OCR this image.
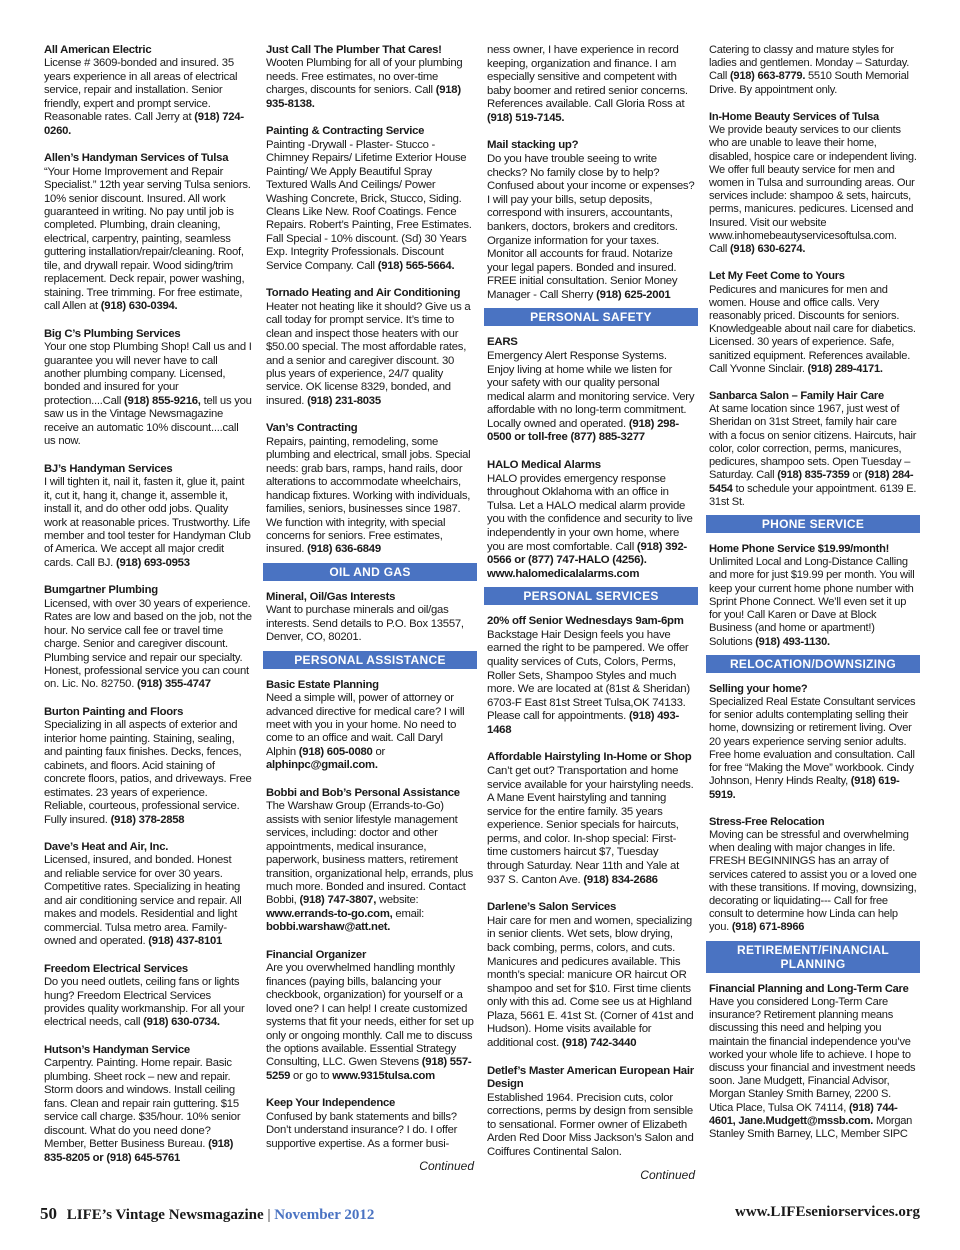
All American Electric

License # 3609-bonded and insured. 35 years experience in all areas of electrical service, repair and installation. Senior friendly, expert and prompt service. Reasonable rates. Call Jerry at (918) 724-0260.

Allen’s Handyman Services of Tulsa

“Your Home Improvement and Repair Specialist.” 12th year serving Tulsa seniors. 10% senior discount. Insured. All work guaranteed in writing. No pay until job is completed. Plumbing, drain cleaning, electrical, carpentry, painting, seamless guttering installation/repair/cleaning. Roof, tile, and drywall repair. Wood siding/trim replacement. Deck repair, power washing, staining. Tree trimming. For free estimate, call Allen at (918) 630-0394.

Big C’s Plumbing Services

Your one stop Plumbing Shop! Call us and I guarantee you will never have to call another plumbing company. Licensed, bonded and insured for your protection....Call (918) 855-9216, tell us you saw us in the Vintage Newsmagazine receive an automatic 10% discount....call us now.

BJ’s Handyman Services

I will tighten it, nail it, fasten it, glue it, paint it, cut it, hang it, change it, assemble it, install it, and do other odd jobs. Quality work at reasonable prices. Trustworthy. Life member and tool tester for Handyman Club of America. We accept all major credit cards. Call BJ. (918) 693-0953

Bumgartner Plumbing

Licensed, with over 30 years of experience. Rates are low and based on the job, not the hour. No service call fee or travel time charge. Senior and caregiver discount. Plumbing service and repair our specialty. Honest, professional service you can count on. Lic. No. 82750. (918) 355-4747

Burton Painting and Floors

Specializing in all aspects of exterior and interior home painting. Staining, sealing, and painting faux finishes. Decks, fences, cabinets, and floors. Acid staining of concrete floors, patios, and driveways. Free estimates. 23 years of experience. Reliable, courteous, professional service. Fully insured. (918) 378-2858

Dave’s Heat and Air, Inc.

Licensed, insured, and bonded. Honest and reliable service for over 30 years. Competitive rates. Specializing in heating and air conditioning service and repair. All makes and models. Residential and light commercial. Tulsa metro area. Family-owned and operated. (918) 437-8101

Freedom Electrical Services

Do you need outlets, ceiling fans or lights hung? Freedom Electrical Services provides quality workmanship. For all your electrical needs, call (918) 630-0734.

Hutson’s Handyman Service

Carpentry. Painting. Home repair. Basic plumbing. Sheet rock – new and repair. Storm doors and windows. Install ceiling fans. Clean and repair rain guttering. $15 service call charge. $35/hour. 10% senior discount. What do you need done? Member, Better Business Bureau. (918) 835-8205 or (918) 645-5761

Just Call The Plumber That Cares!

Wooten Plumbing for all of your plumbing needs. Free estimates, no over-time charges, discounts for seniors. Call (918) 935-8138.

Painting & Contracting Service

Painting -Drywall - Plaster- Stucco - Chimney Repairs/ Lifetime Exterior House Painting/ We Apply Beautiful Spray Textured Walls And Ceilings/ Power Washing Concrete, Brick, Stucco, Siding. Cleans Like New. Roof Coatings. Fence Repairs. Robert’s Painting, Free Estimates. Fall Special - 10% discount. (Sd) 30 Years Exp. Integrity Professionals. Discount Service Company. Call (918) 565-5664.

Tornado Heating and Air Conditioning

Heater not heating like it should? Give us a call today for prompt service. It’s time to clean and inspect those heaters with our $50.00 special. The most affordable rates, and a senior and caregiver discount. 30 plus years of experience, 24/7 quality service. OK license 8329, bonded, and insured. (918) 231-8035

Van’s Contracting

Repairs, painting, remodeling, some plumbing and electrical, small jobs. Special needs: grab bars, ramps, hand rails, door alterations to accommodate wheelchairs, handicap fixtures. Working with individuals, families, seniors, businesses since 1987. We function with integrity, with special concerns for seniors. Free estimates, insured. (918) 636-6849

OIL AND GAS
Mineral, Oil/Gas Interests

Want to purchase minerals and oil/gas interests. Send details to P.O. Box 13557, Denver, CO, 80201.

PERSONAL ASSISTANCE
Basic Estate Planning

Need a simple will, power of attorney or advanced directive for medical care? I will meet with you in your home. No need to come to an office and wait. Call Daryl Alphin (918) 605-0080 or alphinpc@gmail.com.

Bobbi and Bob’s Personal Assistance

The Warshaw Group (Errands-to-Go) assists with senior lifestyle management services, including: doctor and other appointments, medical insurance, paperwork, business matters, retirement transition, organizational help, errands, plus much more. Bonded and insured. Contact Bobbi, (918) 747-3807, website: www.errands-to-go.com, email: bobbi.warshaw@att.net.

Financial Organizer

Are you overwhelmed handling monthly finances (paying bills, balancing your checkbook, organization) for yourself or a loved one? I can help! I create customized systems that fit your needs, either for set up only or ongoing monthly. Call me to discuss the options available. Essential Strategy Consulting, LLC. Gwen Stevens (918) 557-5259 or go to www.9315tulsa.com

Keep Your Independence

Confused by bank statements and bills? Don’t understand insurance? I do. I offer supportive expertise. As a former busi-

Continued

ness owner, I have experience in record keeping, organization and finance. I am especially sensitive and competent with baby boomer and retired senior concerns. References available. Call Gloria Ross at (918) 519-7145.

Mail stacking up?

Do you have trouble seeing to write checks? No family close by to help? Confused about your income or expenses? I will pay your bills, setup deposits, correspond with insurers, accountants, bankers, doctors, brokers and creditors. Organize information for your taxes. Monitor all accounts for fraud. Notarize your legal papers. Bonded and insured. FREE initial consultation. Senior Money Manager - Call Sherry (918) 625-2001

PERSONAL SAFETY
EARS

Emergency Alert Response Systems. Enjoy living at home while we listen for your safety with our quality personal medical alarm and monitoring service. Very affordable with no long-term commitment. Locally owned and operated. (918) 298-0500 or toll-free (877) 885-3277

HALO Medical Alarms

HALO provides emergency response throughout Oklahoma with an office in Tulsa. Let a HALO medical alarm provide you with the confidence and security to live independently in your own home, where you are most comfortable. Call (918) 392-0566 or (877) 747-HALO (4256). www.halomedicalalarms.com

PERSONAL SERVICES
20% off Senior Wednesdays 9am-6pm

Backstage Hair Design feels you have earned the right to be pampered. We offer quality services of Cuts, Colors, Perms, Roller Sets, Shampoo Styles and much more. We are located at (81st & Sheridan) 6703-F East 81st Street Tulsa,OK 74133. Please call for appointments. (918) 493-1468

Affordable Hairstyling In-Home or Shop

Can’t get out? Transportation and home service available for your hairstyling needs. A Mane Event hairstyling and tanning service for the entire family. 35 years experience. Senior specials for haircuts, perms, and color. In-shop special: First-time customers haircut $7, Tuesday through Saturday. Near 11th and Yale at 937 S. Canton Ave. (918) 834-2686

Darlene’s Salon Services

Hair care for men and women, specializing in senior clients. Wet sets, blow drying, back combing, perms, colors, and cuts. Manicures and pedicures available. This month’s special: manicure OR haircut OR shampoo and set for $10. First time clients only with this ad. Come see us at Highland Plaza, 5661 E. 41st St. (Corner of 41st and Hudson). Home visits available for additional cost. (918) 742-3440

Detlef’s Master American European Hair Design

Established 1964. Precision cuts, color corrections, perms by design from sensible to sensational. Former owner of Elizabeth Arden Red Door Miss Jackson’s Salon and Coiffures Continental Salon.

Continued

Catering to classy and mature styles for ladies and gentlemen. Monday – Saturday. Call (918) 663-8779. 5510 South Memorial Drive. By appointment only.

In-Home Beauty Services of Tulsa

We provide beauty services to our clients who are unable to leave their home, disabled, hospice care or independent living. We offer full beauty service for men and women in Tulsa and surrounding areas. Our services include: shampoo & sets, haircuts, perms, manicures. pedicures. Licensed and Insured. Visit our website www.inhomebeautyservicesoftulsa.com. Call (918) 630-6274.

Let My Feet Come to Yours

Pedicures and manicures for men and women. House and office calls. Very reasonably priced. Discounts for seniors. Knowledgeable about nail care for diabetics. Licensed. 30 years of experience. Safe, sanitized equipment. References available. Call Yvonne Sinclair. (918) 289-4171.

Sanbarca Salon – Family Hair Care

At same location since 1967, just west of Sheridan on 31st Street, family hair care with a focus on senior citizens. Haircuts, hair color, color correction, perms, manicures, pedicures, shampoo sets. Open Tuesday – Saturday. Call (918) 835-7359 or (918) 284-5454 to schedule your appointment. 6139 E. 31st St.

PHONE SERVICE
Home Phone Service $19.99/month!

Unlimited Local and Long-Distance Calling and more for just $19.99 per month. You will keep your current home phone number with Sprint Phone Connect. We’ll even set it up for you! Call Karen or Dave at Block Business (and home or apartment!) Solutions (918) 493-1130.

RELOCATION/DOWNSIZING
Selling your home?

Specialized Real Estate Consultant services for senior adults contemplating selling their home, downsizing or retirement living. Over 20 years experience serving senior adults. Free home evaluation and consultation. Call for free “Making the Move” workbook. Cindy Johnson, Henry Hinds Realty, (918) 619-5919.

Stress-Free Relocation

Moving can be stressful and overwhelming when dealing with major changes in life. FRESH BEGINNINGS has an array of services catered to assist you or a loved one with these transitions. If moving, downsizing, decorating or liquidating--- Call for free consult to determine how Linda can help you. (918) 671-8966

RETIREMENT/FINANCIAL PLANNING
Financial Planning and Long-Term Care

Have you considered Long-Term Care insurance? Retirement planning means discussing this need and helping you maintain the financial independence you’ve worked your whole life to achieve. I hope to discuss your financial and investment needs soon. Jane Mudgett, Financial Advisor, Morgan Stanley Smith Barney, 2200 S. Utica Place, Tulsa OK 74114, (918) 744-4601, Jane.Mudgett@mssb.com. Morgan Stanley Smith Barney, LLC, Member SIPC

50 LIFE’s Vintage Newsmagazine | November 2012	www.LIFEseniorservices.org
